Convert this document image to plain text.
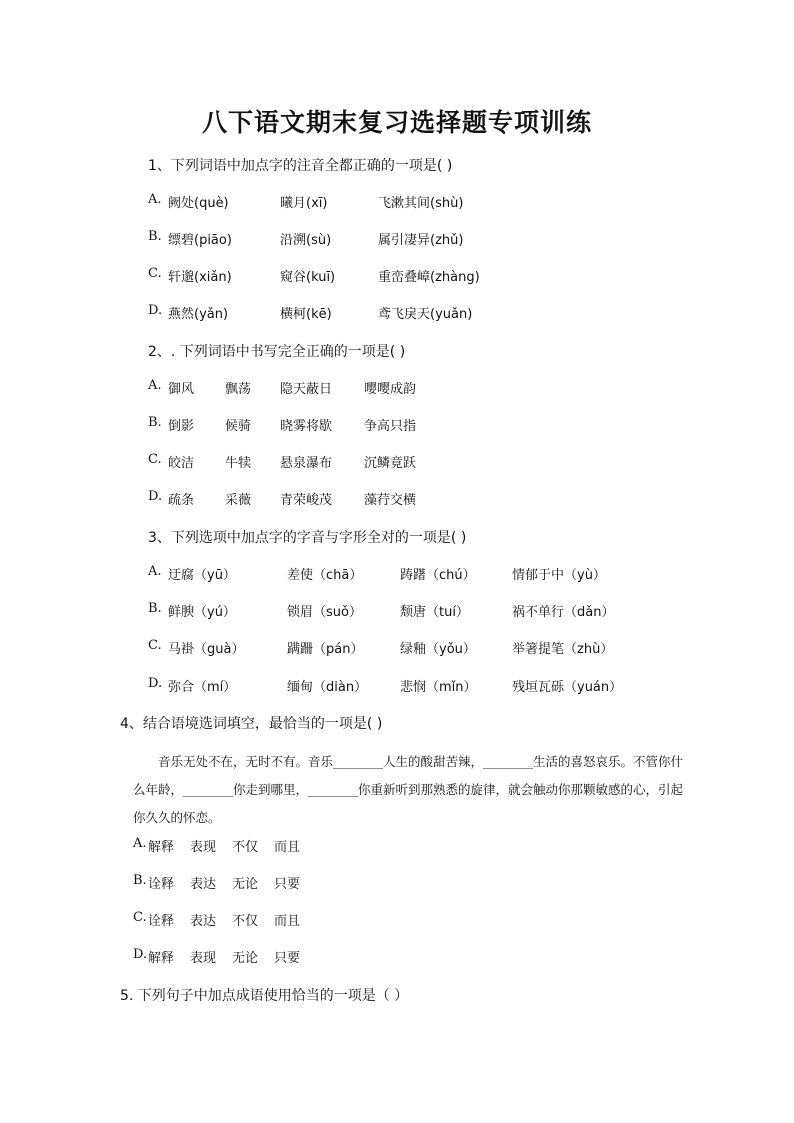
八下语文期末复习选择题专项训练
1、下列词语中加点字的注音全都正确的一项是( )
A. 阙处(què)	曦月(xī)	飞漱其间(shù)
B. 缥碧(piāo)	沿溯(sù)	属引凄异(zhǔ)
C. 轩邈(xiǎn)	窥谷(kuī)	重峦叠嶂(zhàng)
D. 燕然(yǎn)	横柯(kē)	鸢飞戾天(yuǎn)
2、. 下列词语中书写完全正确的一项是( )
A. 御风 飘荡 隐天蔽日 嘤嘤成韵
B. 倒影 候骑 晓雾将歇 争高只指
C. 皎洁 牛犊 悬泉瀑布 沉鳞竟跃
D. 疏条 采薇 青荣峻茂 藻荇交横
3、下列选项中加点字的字音与字形全对的一项是( )
A. 迂腐（yū）	差使（chā）	踌躇（chú）	情郁于中（yù）
B. 鲜腴（yú）	锁眉（suǒ）	颓唐（tuí）	祸不单行（dǎn）
C. 马褂（guà）	蹒跚（pán）	绿釉（yǒu）	举箸提笔（zhù）
D. 弥合（mí）	缅甸（diàn）	悲悯（mǐn）	残垣瓦砾（yuán）
4、结合语境选词填空，最恰当的一项是( )

音乐无处不在，无时不有。音乐________人生的酸甜苦辣，________生活的喜怒哀乐。不管你什么年龄，________你走到哪里，________你重新听到那熟悉的旋律，就会触动你那颗敏感的心，引起你久久的怀恋。

A. 解释 表现 不仅 而且
B. 诠释 表达 无论 只要
C. 诠释 表达 不仅 而且
D. 解释 表现 无论 只要
5. 下列句子中加点成语使用恰当的一项是（ ）
